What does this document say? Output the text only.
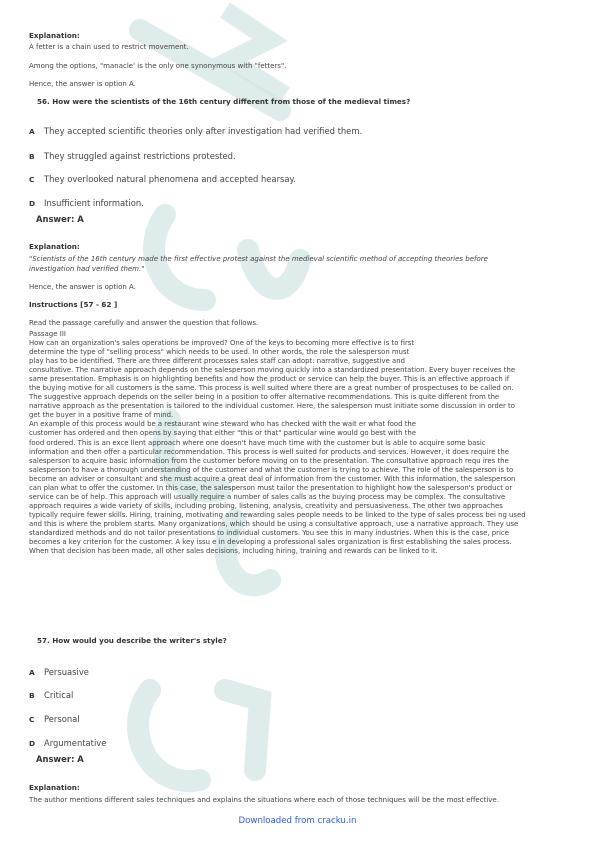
Explanation:
A fetter is a chain used to restrict movement.
Among the options, "manacle' is the only one synonymous with "fetters".
Hence, the answer is option A.
56. How were the scientists of the 16th century different from those of the medieval times?
A They accepted scientific theories only after investigation had verified them.
B They struggled against restrictions protested.
C They overlooked natural phenomena and accepted hearsay.
D Insufficient information.
Answer: A
Explanation:
"Scientists of the 16th century made the first effective protest against the medieval scientific method of accepting theories before
investigation had verified them."
Hence, the answer is option A.
Instructions [57 - 62 ]
Read the passage carefully and answer the question that follows.
Passage III
How can an organization's sales operations be improved? One of the keys to becoming more effective is to first
determine the type of "selling process" which needs to be used. In other words, the role the salesperson must
play has to be identified. There are three different processes sales staff can adopt: narrative, suggestive and
consultative. The narrative approach depends on the salesperson moving quickly into a standardized presentation. Every buyer receives the
same presentation. Emphasis is on highlighting benefits and how the product or service can help the buyer. This is an effective approach if
the buying motive for all customers is the same. This process is well suited where there are a great number of prospectuses to be called on.
The suggestive approach depends on the seller being in a position to offer alternative recommendations. This is quite different from the
narrative approach as the presentation is tailored to the individual customer. Here, the salesperson must initiate some discussion in order to
get the buyer in a positive frame of mind.
An example of this process would be a restaurant wine steward who has checked with the wait er what food the
customer has ordered and then opens by saying that either "this or that" particular wine would go best with the
food ordered. This is an exce llent approach where one doesn't have much time with the customer but is able to acquire some basic
information and then offer a particular recommendation. This process is well suited for products and services. However, it does require the
salesperson to acquire basic information from the customer before moving on to the presentation. The consultative approach requ ires the
salesperson to have a thorough understanding of the customer and what the customer is trying to achieve. The role of the salesperson is to
become an adviser or consultant and she must acquire a great deal of information from the customer. With this information, the salesperson
can plan what to offer the customer. In this case, the salesperson must tailor the presentation to highlight how the salesperson's product or
service can be of help. This approach will usually require a number of sales calls as the buying process may be complex. The consultative
approach requires a wide variety of skills, including probing, listening, analysis, creativity and persuasiveness. The other two approaches
typically require fewer skills. Hiring, training, motivating and rewarding sales people needs to be linked to the type of sales process bei ng used
and this is where the problem starts. Many organizations, which should be using a consultative approach, use a narrative approach. They use
standardized methods and do not tailor presentations to individual customers. You see this in many industries. When this is the case, price
becomes a key criterion for the customer. A key issu e in developing a professional sales organization is first establishing the sales process.
When that decision has been made, all other sales decisions, including hiring, training and rewards can be linked to it.
57. How would you describe the writer's style?
A Persuasive
B Critical
C Personal
D Argumentative
Answer: A
Explanation:
The author mentions different sales techniques and explains the situations where each of those techniques will be the most effective.
Downloaded from cracku.in
